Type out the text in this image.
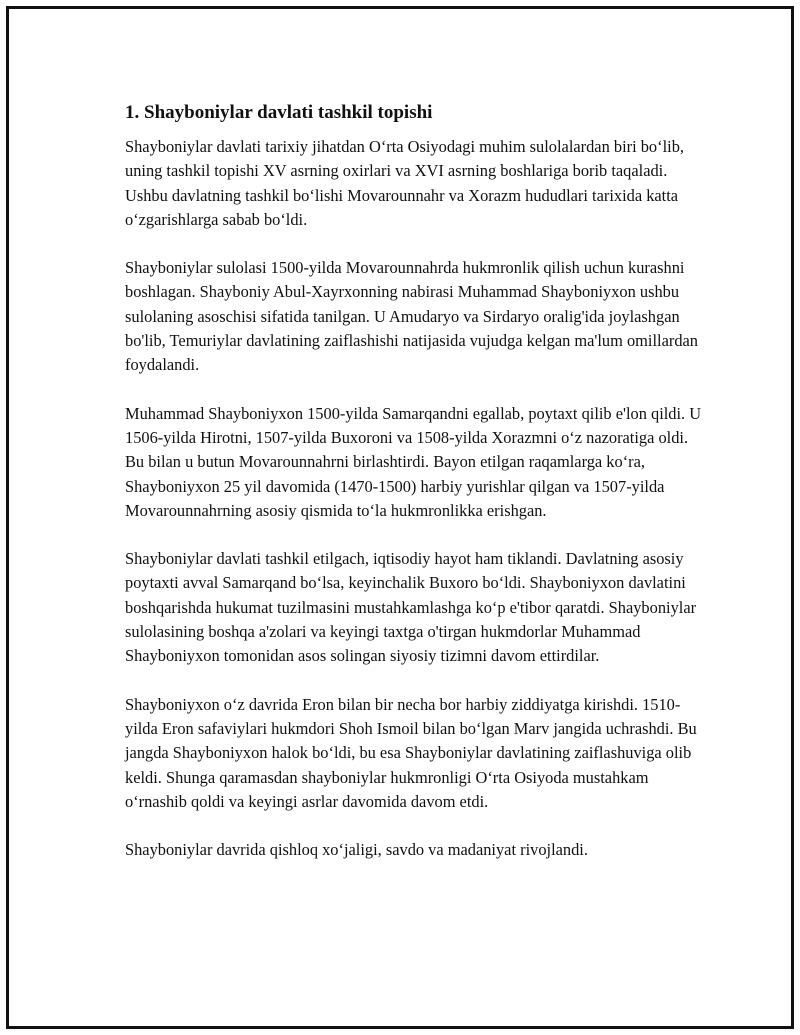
1. Shayboniylar davlati tashkil topishi

Shayboniylar davlati tarixiy jihatdan O‘rta Osiyodagi muhim sulolalardan biri bo‘lib, uning tashkil topishi XV asrning oxirlari va XVI asrning boshlariga borib taqaladi. Ushbu davlatning tashkil bo‘lishi Movarounnahr va Xorazm hududlari tarixida katta o‘zgarishlarga sabab bo‘ldi.

Shayboniylar sulolasi 1500-yilda Movarounnahrda hukmronlik qilish uchun kurashni boshlagan. Shayboniy Abul-Xayrxonning nabirasi Muhammad Shayboniyxon ushbu sulolaning asoschisi sifatida tanilgan. U Amudaryo va Sirdaryo oralig'ida joylashgan bo'lib, Temuriylar davlatining zaiflashishi natijasida vujudga kelgan ma'lum omillardan foydalandi.

Muhammad Shayboniyxon 1500-yilda Samarqandni egallab, poytaxt qilib e'lon qildi. U 1506-yilda Hirotni, 1507-yilda Buxoroni va 1508-yilda Xorazmni o‘z nazoratiga oldi. Bu bilan u butun Movarounnahrni birlashtirdi. Bayon etilgan raqamlarga ko‘ra, Shayboniyxon 25 yil davomida (1470-1500) harbiy yurishlar qilgan va 1507-yilda Movarounnahrning asosiy qismida to‘la hukmronlikka erishgan.

Shayboniylar davlati tashkil etilgach, iqtisodiy hayot ham tiklandi. Davlatning asosiy poytaxti avval Samarqand bo‘lsa, keyinchalik Buxoro bo‘ldi. Shayboniyxon davlatini boshqarishda hukumat tuzilmasini mustahkamlashga ko‘p e'tibor qaratdi. Shayboniylar sulolasining boshqa a'zolari va keyingi taxtga o'tirgan hukmdorlar Muhammad Shayboniyxon tomonidan asos solingan siyosiy tizimni davom ettirdilar.

Shayboniyxon o‘z davrida Eron bilan bir necha bor harbiy ziddiyatga kirishdi. 1510-yilda Eron safaviylari hukmdori Shoh Ismoil bilan bo‘lgan Marv jangida uchrashdi. Bu jangda Shayboniyxon halok bo‘ldi, bu esa Shayboniylar davlatining zaiflashuviga olib keldi. Shunga qaramasdan shayboniylar hukmronligi O‘rta Osiyoda mustahkam o‘rnashib qoldi va keyingi asrlar davomida davom etdi.

Shayboniylar davrida qishloq xo‘jaligi, savdo va madaniyat rivojlandi.
